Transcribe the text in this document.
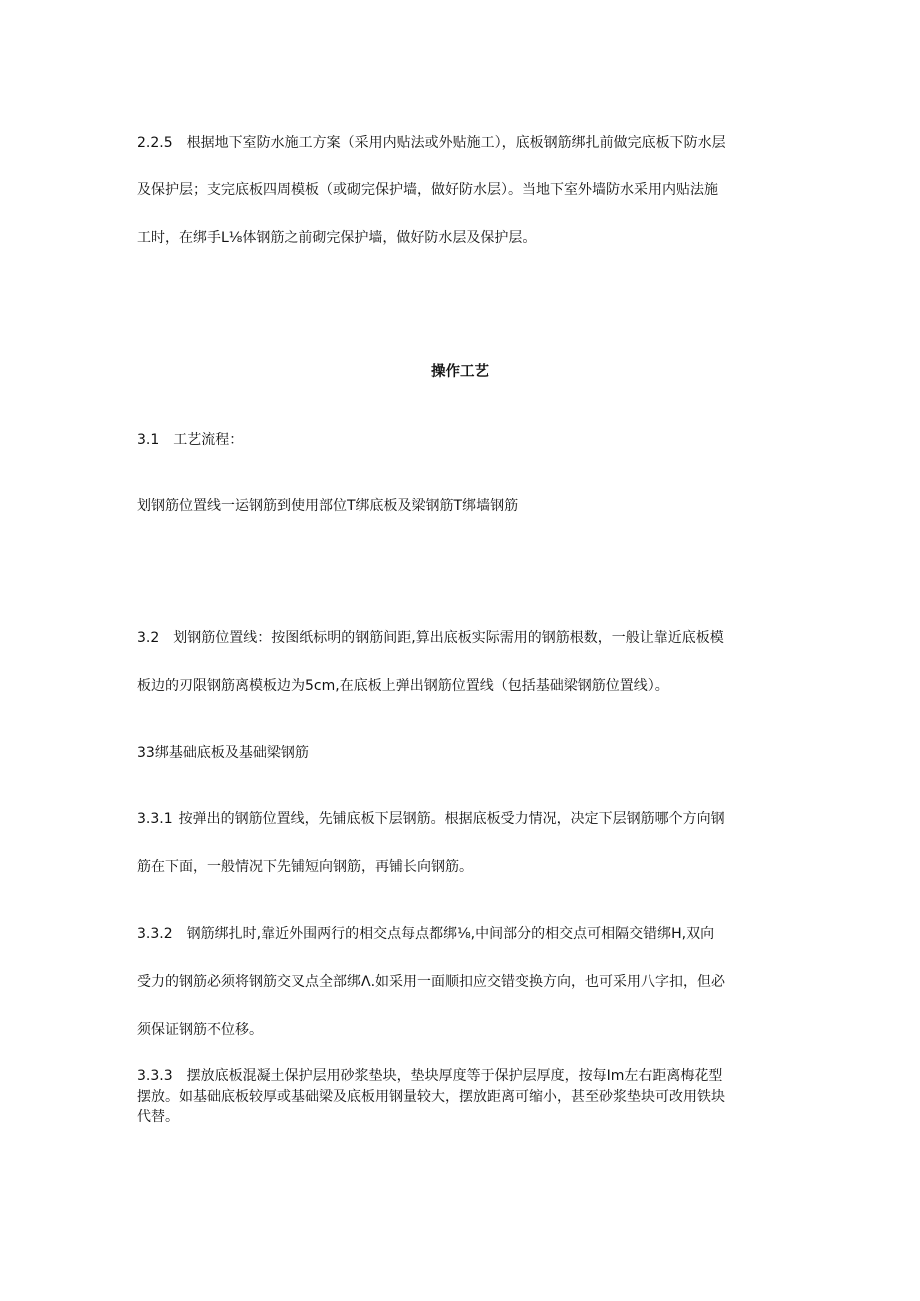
2.2.5 根据地下室防水施工方案（采用内贴法或外贴施工），底板钢筋绑扎前做完底板下防水层
及保护层；支完底板四周模板（或砌完保护墙，做好防水层）。当地下室外墙防水采用内贴法施
工时，在绑手L⅛体钢筋之前砌完保护墙，做好防水层及保护层。
操作工艺
3.1 工艺流程：
划钢筋位置线一运钢筋到使用部位T绑底板及梁钢筋T绑墙钢筋
3.2 划钢筋位置线：按图纸标明的钢筋间距,算出底板实际需用的钢筋根数，一般让靠近底板模
板边的刃限钢筋离模板边为5cm,在底板上弹出钢筋位置线（包括基础梁钢筋位置线）。
33绑基础底板及基础梁钢筋
3.3.1 按弹出的钢筋位置线，先铺底板下层钢筋。根据底板受力情况，决定下层钢筋哪个方向钢
筋在下面，一般情况下先铺短向钢筋，再铺长向钢筋。
3.3.2 钢筋绑扎时,靠近外围两行的相交点每点都绑⅛,中间部分的相交点可相隔交错绑H,双向
受力的钢筋必须将钢筋交叉点全部绑Λ.如采用一面顺扣应交错变换方向，也可采用八字扣，但必
须保证钢筋不位移。
3.3.3 摆放底板混凝土保护层用砂浆垫块，垫块厚度等于保护层厚度，按每Im左右距离梅花型
摆放。如基础底板较厚或基础梁及底板用钢量较大，摆放距离可缩小，甚至砂浆垫块可改用铁块
代替。
